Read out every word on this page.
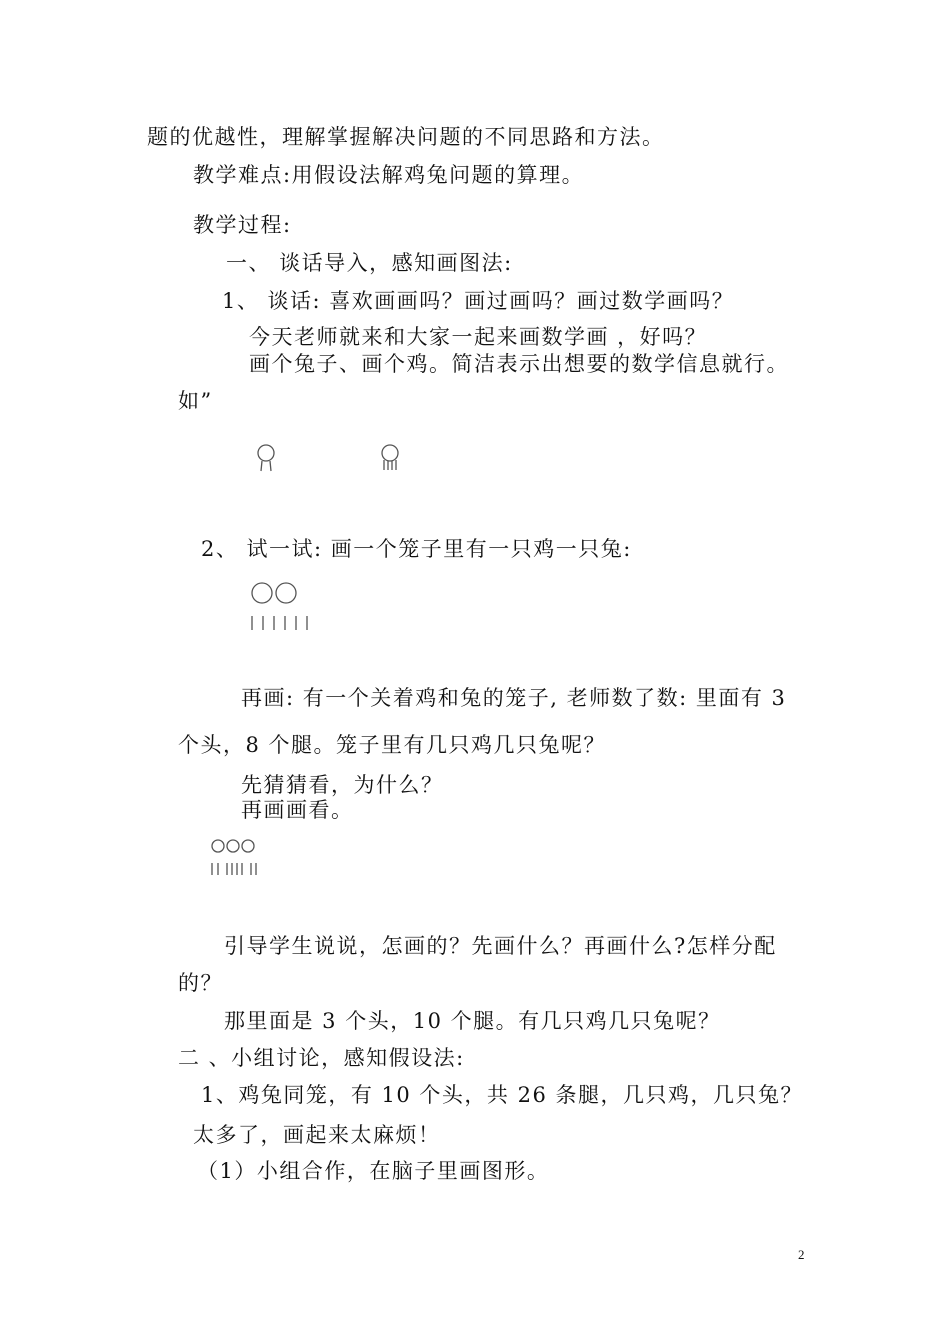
题的优越性，理解掌握解决问题的不同思路和方法。
教学难点:用假设法解鸡兔问题的算理。
教学过程:
一、 谈话导入，感知画图法:
1、 谈话: 喜欢画画吗？画过画吗？画过数学画吗？
今天老师就来和大家一起来画数学画 ，好吗？
画个兔子、画个鸡。简洁表示出想要的数学信息就行。
如”
2、 试一试: 画一个笼子里有一只鸡一只兔:
再画: 有一个关着鸡和兔的笼子, 老师数了数: 里面有 3
个头，8 个腿。笼子里有几只鸡几只兔呢？
先猜猜看，为什么？
再画画看。
引导学生说说，怎画的？先画什么？再画什么?怎样分配
的？
那里面是 3 个头，10 个腿。有几只鸡几只兔呢？
二 、小组讨论，感知假设法:
1、鸡兔同笼，有 10 个头，共 26 条腿，几只鸡，几只兔？
太多了，画起来太麻烦！
（1）小组合作，在脑子里画图形。
2
